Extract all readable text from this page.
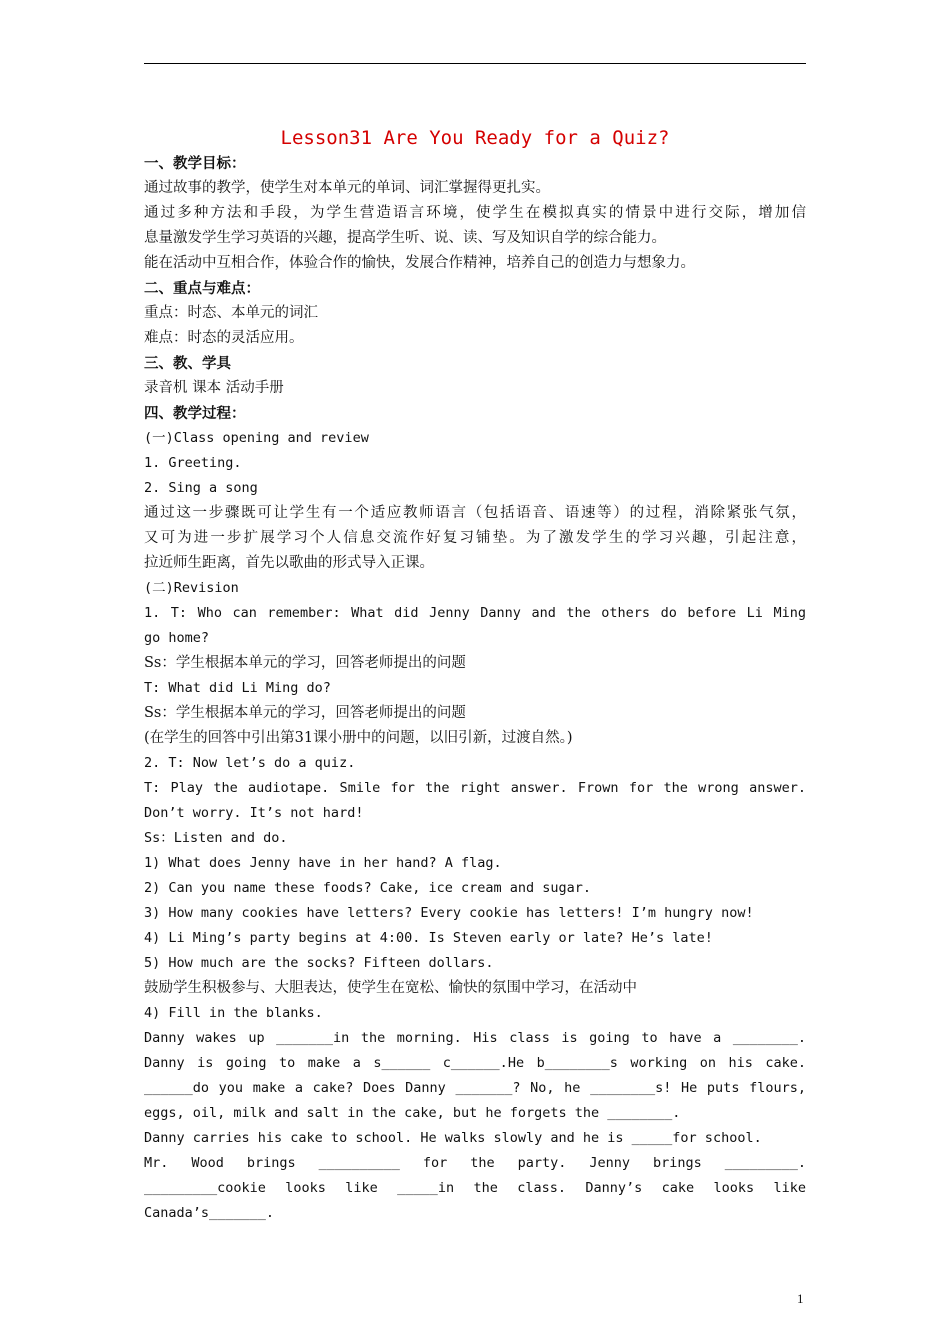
Lesson31 Are You Ready for a Quiz?
一、教学目标：
通过故事的教学，使学生对本单元的单词、词汇掌握得更扎实。
通过多种方法和手段，为学生营造语言环境，使学生在模拟真实的情景中进行交际，增加信
息量激发学生学习英语的兴趣，提高学生听、说、读、写及知识自学的综合能力。
能在活动中互相合作，体验合作的愉快，发展合作精神，培养自己的创造力与想象力。
二、重点与难点：
重点：时态、本单元的词汇
难点：时态的灵活应用。
三、教、学具
录音机 课本 活动手册
四、教学过程：
(一)Class opening and review
1. Greeting.
2. Sing a song
通过这一步骤既可让学生有一个适应教师语言（包括语音、语速等）的过程，消除紧张气氛，
又可为进一步扩展学习个人信息交流作好复习铺垫。为了激发学生的学习兴趣，引起注意，
拉近师生距离，首先以歌曲的形式导入正课。
(二)Revision
1. T: Who can remember: What did Jenny Danny and the others do before Li Ming
go home?
Ss：学生根据本单元的学习，回答老师提出的问题
T: What did Li Ming do?
Ss：学生根据本单元的学习，回答老师提出的问题
(在学生的回答中引出第31课小册中的问题，以旧引新，过渡自然。)
2. T: Now let’s do a quiz.
T: Play the audiotape. Smile for the right answer. Frown for the wrong answer.
Don’t worry. It’s not hard!
Ss：Listen and do.
1) What does Jenny have in her hand? A flag.
2) Can you name these foods? Cake, ice cream and sugar.
3) How many cookies have letters? Every cookie has letters! I’m hungry now!
4) Li Ming’s party begins at 4:00. Is Steven early or late? He’s late!
5) How much are the socks? Fifteen dollars.
鼓励学生积极参与、大胆表达，使学生在宽松、愉快的氛围中学习，在活动中
4) Fill in the blanks.
Danny wakes up _______in the morning. His class is going to have a ________.
Danny is going to make a s______ c______.He b________s working on his cake.
______do you make a cake? Does Danny _______? No, he ________s! He puts flours,
eggs, oil, milk and salt in the cake, but he forgets the ________.
Danny carries his cake to school. He walks slowly and he is _____for school.
Mr. Wood brings __________ for the party. Jenny brings _________.
_________cookie looks like _____in the class. Danny’s cake looks like
Canada’s_______.
1
